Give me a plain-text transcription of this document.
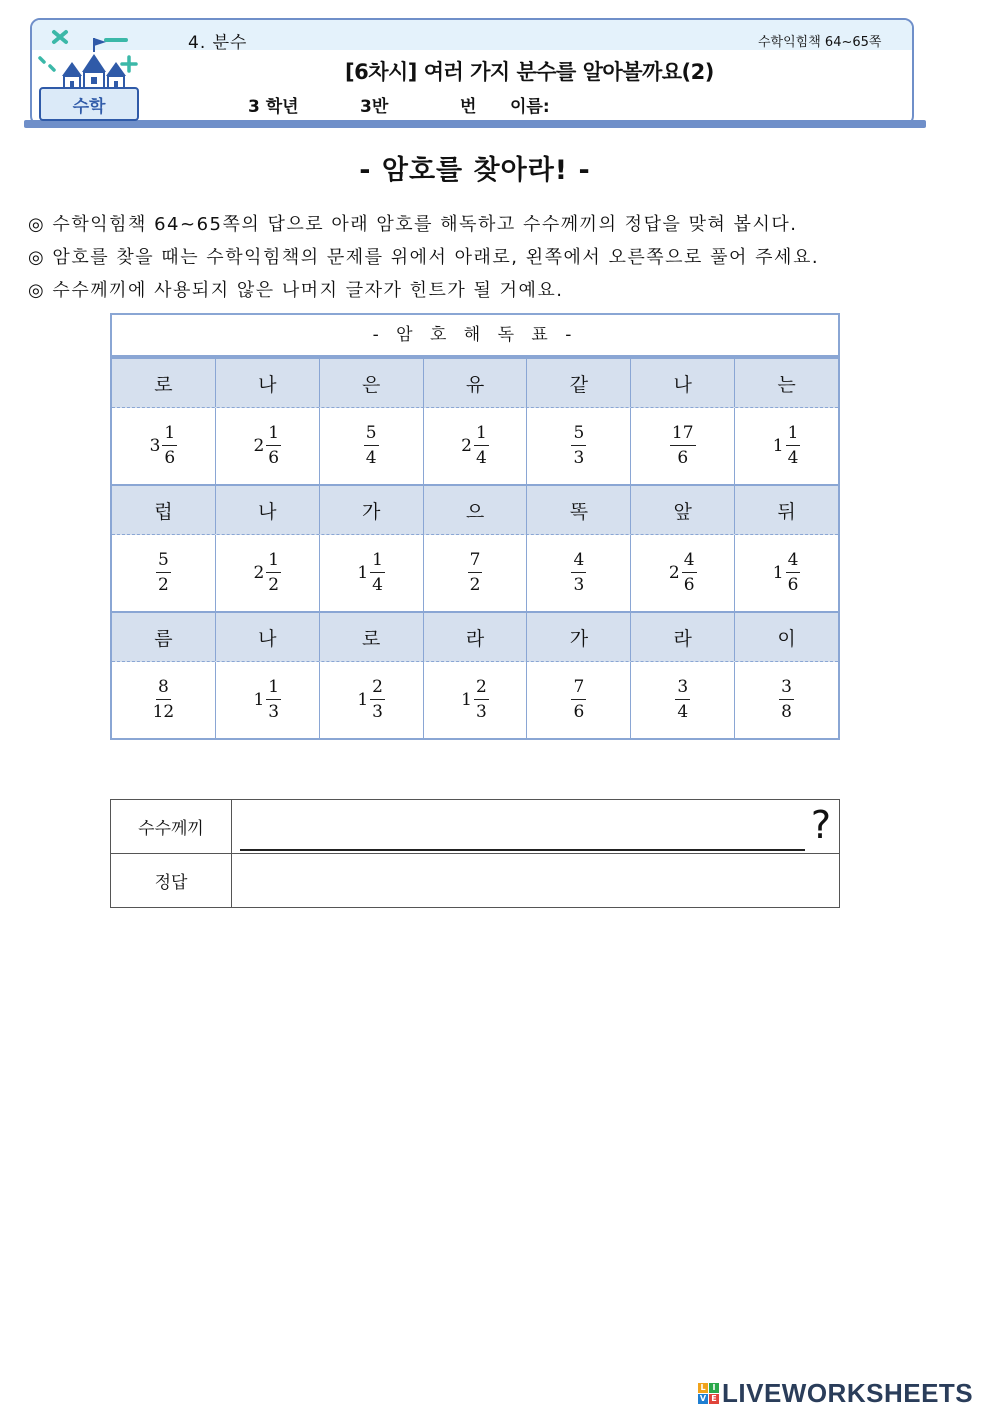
수학
4. 분수	수학익힘책 64~65쪽
[6차시] 여러 가지 분수를 알아볼까요(2)
3 학년	3반	번 이름:
- 암호를 찾아라! -
◎ 수학익힘책 64~65쪽의 답으로 아래 암호를 해독하고 수수께끼의 정답을 맞혀 봅시다.
◎ 암호를 찾을 때는 수학익힘책의 문제를 위에서 아래로, 왼쪽에서 오른쪽으로 풀어 주세요.
◎ 수수께끼에 사용되지 않은 나머지 글자가 힌트가 될 거예요.
- 암 호 해 독 표 -
로	나	은	유	같	나	는
$3 \frac{1}{6}$	$2 \frac{1}{6}$	$\frac{5}{4}$	$2 \frac{1}{4}$	$\frac{5}{3}$	$\frac{17}{6}$	$1 \frac{1}{4}$
럽	나	가	으	똑	앞	뒤
$\frac{5}{2}$	$2 \frac{1}{2}$	$1 \frac{1}{4}$	$\frac{7}{2}$	$\frac{4}{3}$	$2 \frac{4}{6}$	$1 \frac{4}{6}$
름	나	로	라	가	라	이
$\frac{8}{12}$	$1 \frac{1}{3}$	$1 \frac{2}{3}$	$1 \frac{2}{3}$	$\frac{7}{6}$	$\frac{3}{4}$	$\frac{3}{8}$
수수께끼	?
정답
L I
V E LIVEWORKSHEETS
